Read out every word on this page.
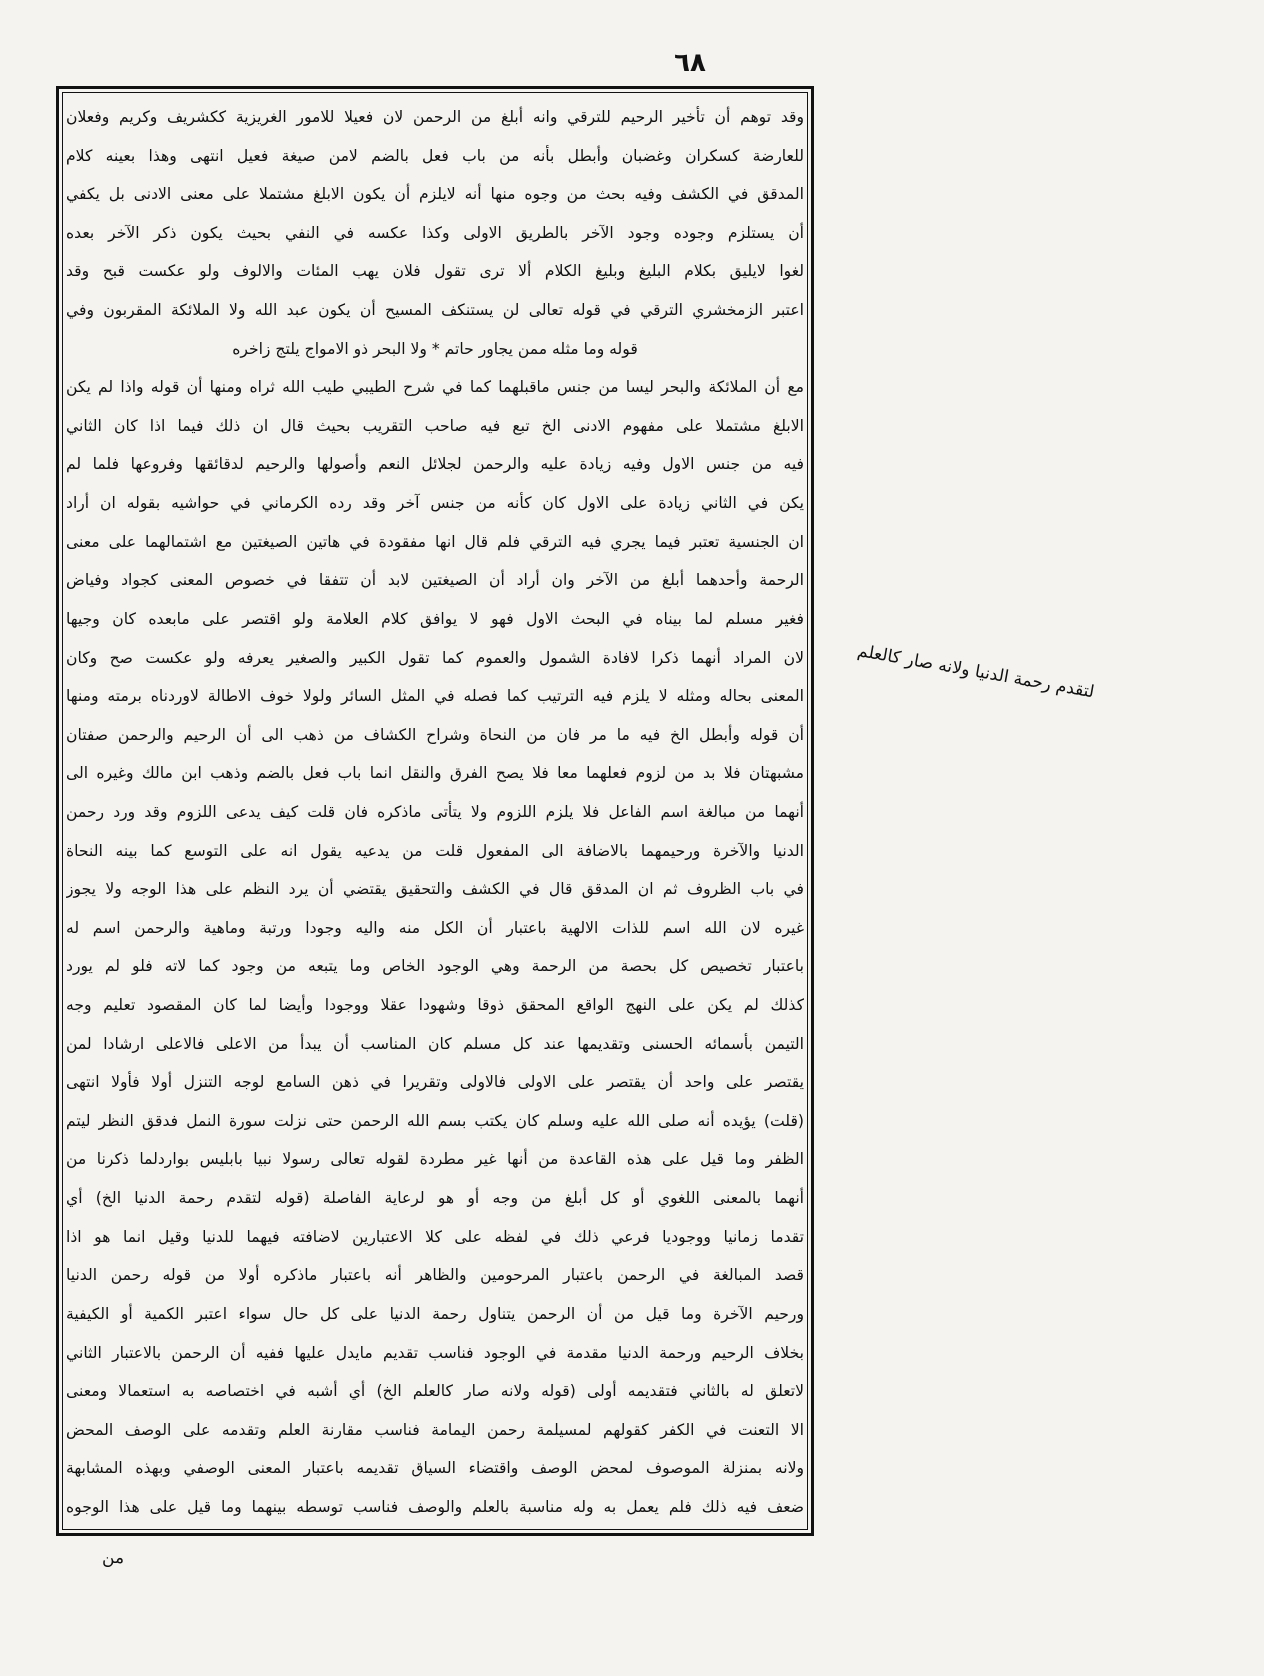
٦٨
وقد توهم أن تأخير الرحيم للترقي وانه أبلغ من الرحمن لان فعيلا للامور الغريزية ككشريف وكريم وفعلان
للعارضة كسكران وغضبان وأبطل بأنه من باب فعل بالضم لامن صيغة فعيل انتهى وهذا بعينه كلام
المدقق في الكشف وفيه بحث من وجوه منها أنه لايلزم أن يكون الابلغ مشتملا على معنى الادنى بل يكفي
أن يستلزم وجوده وجود الآخر بالطريق الاولى وكذا عكسه في النفي بحيث يكون ذكر الآخر بعده
لغوا لايليق بكلام البليغ وبليغ الكلام ألا ترى تقول فلان يهب المئات والالوف ولو عكست قبح وقد
اعتبر الزمخشري الترقي في قوله تعالى لن يستنكف المسيح أن يكون عبد الله ولا الملائكة المقربون وفي
قوله وما مثله ممن يجاور حاتم * ولا البحر ذو الامواج يلتج زاخره
مع أن الملائكة والبحر ليسا من جنس ماقبلهما كما في شرح الطيبي طيب الله ثراه ومنها أن قوله واذا لم يكن
الابلغ مشتملا على مفهوم الادنى الخ تبع فيه صاحب التقريب بحيث قال ان ذلك فيما اذا كان الثاني
فيه من جنس الاول وفيه زيادة عليه والرحمن لجلائل النعم وأصولها والرحيم لدقائقها وفروعها فلما لم
يكن في الثاني زيادة على الاول كان كأنه من جنس آخر وقد رده الكرماني في حواشيه بقوله ان أراد
ان الجنسية تعتبر فيما يجري فيه الترقي فلم قال انها مفقودة في هاتين الصيغتين مع اشتمالهما على معنى
الرحمة وأحدهما أبلغ من الآخر وان أراد أن الصيغتين لابد أن تتفقا في خصوص المعنى كجواد وفياض
فغير مسلم لما بيناه في البحث الاول فهو لا يوافق كلام العلامة ولو اقتصر على مابعده كان وجيها
لان المراد أنهما ذكرا لافادة الشمول والعموم كما تقول الكبير والصغير يعرفه ولو عكست صح وكان
المعنى بحاله ومثله لا يلزم فيه الترتيب كما فصله في المثل السائر ولولا خوف الاطالة لاوردناه برمته ومنها
أن قوله وأبطل الخ فيه ما مر فان من النحاة وشراح الكشاف من ذهب الى أن الرحيم والرحمن صفتان
مشبهتان فلا بد من لزوم فعلهما معا فلا يصح الفرق والنقل انما باب فعل بالضم وذهب ابن مالك وغيره الى
أنهما من مبالغة اسم الفاعل فلا يلزم اللزوم ولا يتأتى ماذكره فان قلت كيف يدعى اللزوم وقد ورد رحمن
الدنيا والآخرة ورحيمهما بالاضافة الى المفعول قلت من يدعيه يقول انه على التوسع كما بينه النحاة
في باب الظروف ثم ان المدقق قال في الكشف والتحقيق يقتضي أن يرد النظم على هذا الوجه ولا يجوز
غيره لان الله اسم للذات الالهية باعتبار أن الكل منه واليه وجودا ورتبة وماهية والرحمن اسم له
باعتبار تخصيص كل بحصة من الرحمة وهي الوجود الخاص وما يتبعه من وجود كما لاته فلو لم يورد
كذلك لم يكن على النهج الواقع المحقق ذوقا وشهودا عقلا ووجودا وأيضا لما كان المقصود تعليم وجه
التيمن بأسمائه الحسنى وتقديمها عند كل مسلم كان المناسب أن يبدأ من الاعلى فالاعلى ارشادا لمن
يقتصر على واحد أن يقتصر على الاولى فالاولى وتقريرا في ذهن السامع لوجه التنزل أولا فأولا انتهى
(قلت) يؤيده أنه صلى الله عليه وسلم كان يكتب بسم الله الرحمن حتى نزلت سورة النمل فدقق النظر ليتم
الظفر وما قيل على هذه القاعدة من أنها غير مطردة لقوله تعالى رسولا نبيا بابليس بواردلما ذكرنا من
أنهما بالمعنى اللغوي أو كل أبلغ من وجه أو هو لرعاية الفاصلة (قوله لتقدم رحمة الدنيا الخ) أي
تقدما زمانيا ووجوديا فرعي ذلك في لفظه على كلا الاعتبارين لاضافته فيهما للدنيا وقيل انما هو اذا
قصد المبالغة في الرحمن باعتبار المرحومين والظاهر أنه باعتبار ماذكره أولا من قوله رحمن الدنيا
ورحيم الآخرة وما قيل من أن الرحمن يتناول رحمة الدنيا على كل حال سواء اعتبر الكمية أو الكيفية
بخلاف الرحيم ورحمة الدنيا مقدمة في الوجود فناسب تقديم مايدل عليها ففيه أن الرحمن بالاعتبار الثاني
لاتعلق له بالثاني فتقديمه أولى (قوله ولانه صار كالعلم الخ) أي أشبه في اختصاصه به استعمالا ومعنى
الا التعنت في الكفر كقولهم لمسيلمة رحمن اليمامة فناسب مقارنة العلم وتقدمه على الوصف المحض
ولانه بمنزلة الموصوف لمحض الوصف واقتضاء السياق تقديمه باعتبار المعنى الوصفي وبهذه المشابهة
ضعف فيه ذلك فلم يعمل به وله مناسبة بالعلم والوصف فناسب توسطه بينهما وما قيل على هذا الوجوه
من
لتقدم رحمة الدنيا ولانه صار كالعلم
